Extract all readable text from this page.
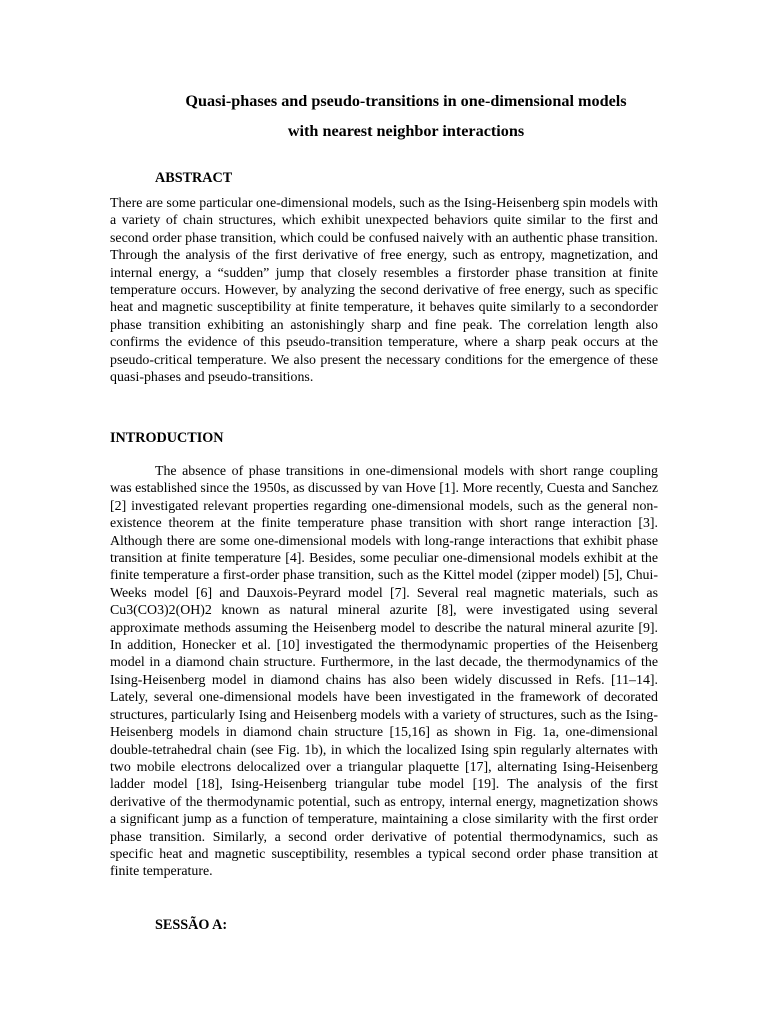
Quasi-phases and pseudo-transitions in one-dimensional models
with nearest neighbor interactions
ABSTRACT
There are some particular one-dimensional models, such as the Ising-Heisenberg spin models with a variety of chain structures, which exhibit unexpected behaviors quite similar to the first and second order phase transition, which could be confused naively with an authentic phase transition. Through the analysis of the first derivative of free energy, such as entropy, magnetization, and internal energy, a “sudden” jump that closely resembles a firstorder phase transition at finite temperature occurs. However, by analyzing the second derivative of free energy, such as specific heat and magnetic susceptibility at finite temperature, it behaves quite similarly to a secondorder phase transition exhibiting an astonishingly sharp and fine peak. The correlation length also confirms the evidence of this pseudo-transition temperature, where a sharp peak occurs at the pseudo-critical temperature. We also present the necessary conditions for the emergence of these quasi-phases and pseudo-transitions.
INTRODUCTION
The absence of phase transitions in one-dimensional models with short range coupling was established since the 1950s, as discussed by van Hove [1]. More recently, Cuesta and Sanchez [2] investigated relevant properties regarding one-dimensional models, such as the general non-existence theorem at the finite temperature phase transition with short range interaction [3]. Although there are some one-dimensional models with long-range interactions that exhibit phase transition at finite temperature [4]. Besides, some peculiar one-dimensional models exhibit at the finite temperature a first-order phase transition, such as the Kittel model (zipper model) [5], Chui-Weeks model [6] and Dauxois-Peyrard model [7]. Several real magnetic materials, such as Cu3(CO3)2(OH)2 known as natural mineral azurite [8], were investigated using several approximate methods assuming the Heisenberg model to describe the natural mineral azurite [9]. In addition, Honecker et al. [10] investigated the thermodynamic properties of the Heisenberg model in a diamond chain structure. Furthermore, in the last decade, the thermodynamics of the Ising-Heisenberg model in diamond chains has also been widely discussed in Refs. [11–14]. Lately, several one-dimensional models have been investigated in the framework of decorated structures, particularly Ising and Heisenberg models with a variety of structures, such as the Ising-Heisenberg models in diamond chain structure [15,16] as shown in Fig. 1a, one-dimensional double-tetrahedral chain (see Fig. 1b), in which the localized Ising spin regularly alternates with two mobile electrons delocalized over a triangular plaquette [17], alternating Ising-Heisenberg ladder model [18], Ising-Heisenberg triangular tube model [19]. The analysis of the first derivative of the thermodynamic potential, such as entropy, internal energy, magnetization shows a significant jump as a function of temperature, maintaining a close similarity with the first order phase transition. Similarly, a second order derivative of potential thermodynamics, such as specific heat and magnetic susceptibility, resembles a typical second order phase transition at finite temperature.
SESSÃO A:
